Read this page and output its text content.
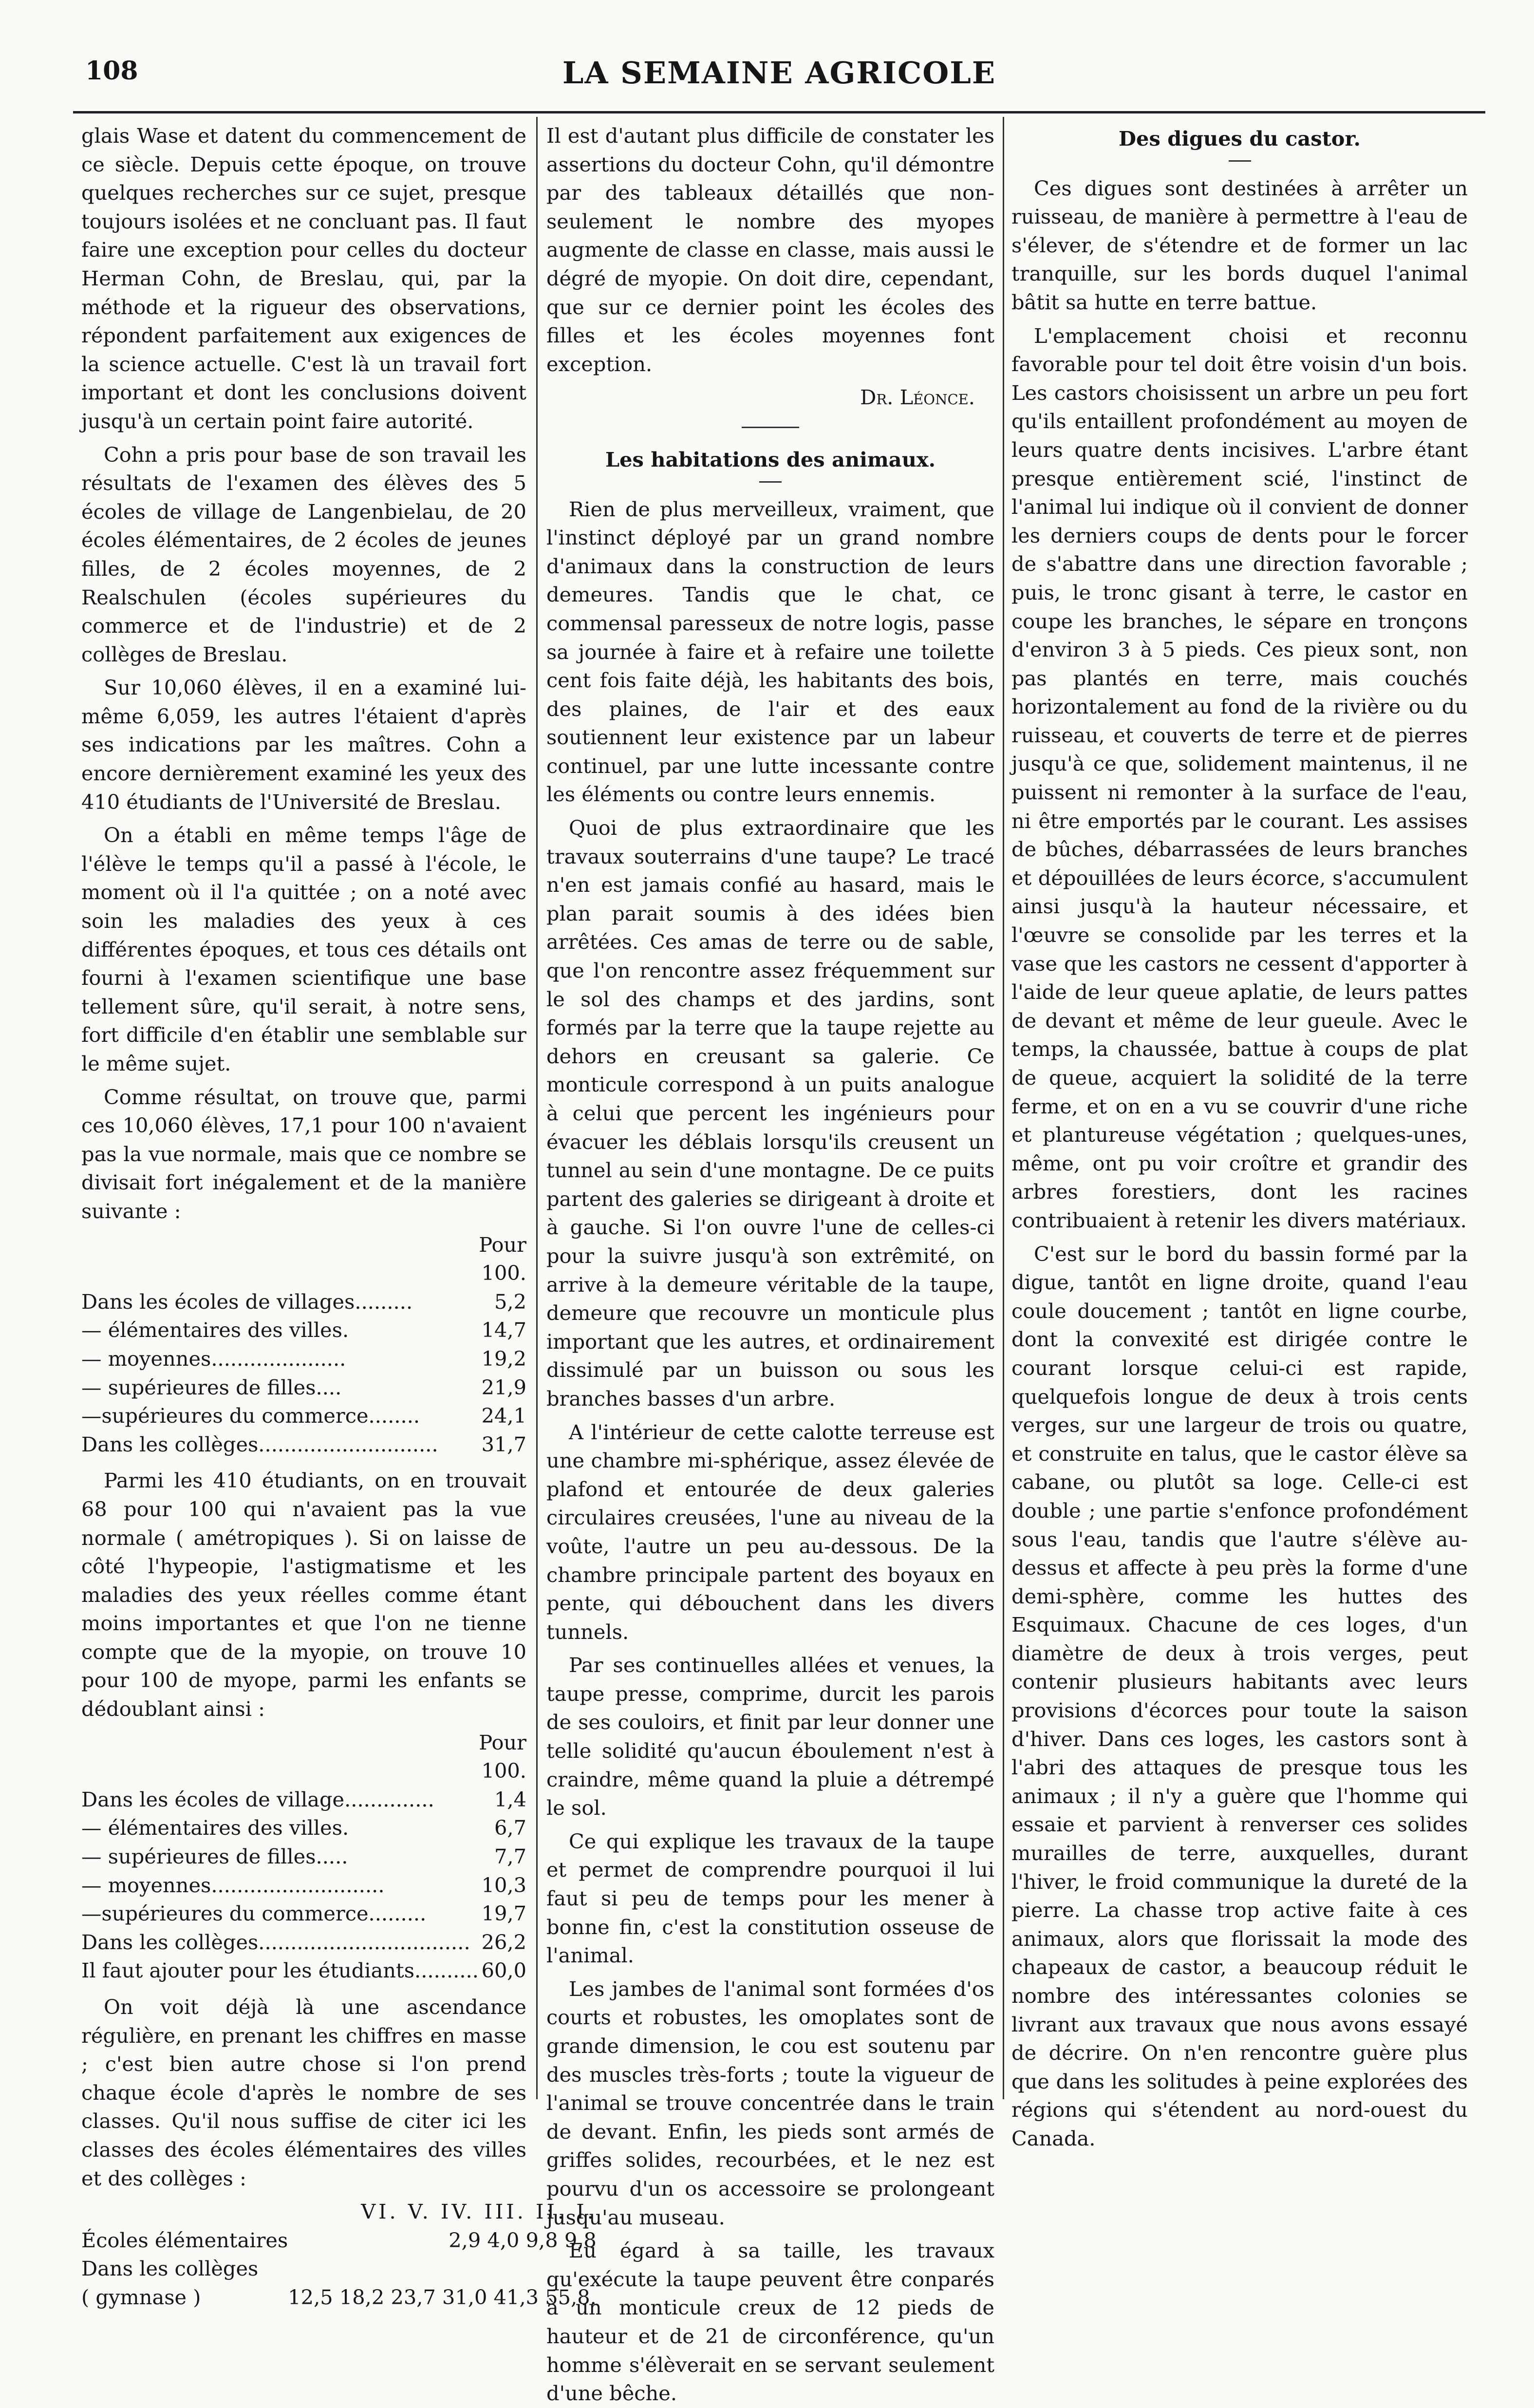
108	LA SEMAINE AGRICOLE

glais Wase et datent du commencement de ce siècle. Depuis cette époque, on trouve quelques recherches sur ce sujet, presque toujours isolées et ne concluant pas. Il faut faire une exception pour celles du docteur Herman Cohn, de Breslau, qui, par la méthode et la rigueur des observations, répondent parfaitement aux exigences de la science actuelle. C'est là un travail fort important et dont les conclusions doivent jusqu'à un certain point faire autorité.

Cohn a pris pour base de son travail les résultats de l'examen des élèves des 5 écoles de village de Langenbielau, de 20 écoles élémentaires, de 2 écoles de jeunes filles, de 2 écoles moyennes, de 2 Realschulen (écoles supérieures du commerce et de l'industrie) et de 2 collèges de Breslau.

Sur 10,060 élèves, il en a examiné lui-même 6,059, les autres l'étaient d'après ses indications par les maîtres. Cohn a encore dernièrement examiné les yeux des 410 étudiants de l'Université de Breslau.

On a établi en même temps l'âge de l'élève le temps qu'il a passé à l'école, le moment où il l'a quittée ; on a noté avec soin les maladies des yeux à ces différentes époques, et tous ces détails ont fourni à l'examen scientifique une base tellement sûre, qu'il serait, à notre sens, fort difficile d'en établir une semblable sur le même sujet.

Comme résultat, on trouve que, parmi ces 10,060 élèves, 17,1 pour 100 n'avaient pas la vue normale, mais que ce nombre se divisait fort inégalement et de la manière suivante :

	Pour 100.
Dans les écoles de villages.........	5,2
— élémentaires des villes.	14,7
— moyennes.....................	19,2
— supérieures de filles....	21,9
—supérieures du commerce........	24,1
Dans les collèges............................	31,7

Parmi les 410 étudiants, on en trouvait 68 pour 100 qui n'avaient pas la vue normale ( amétropiques ). Si on laisse de côté l'hypeopie, l'astigmatisme et les maladies des yeux réelles comme étant moins importantes et que l'on ne tienne compte que de la myopie, on trouve 10 pour 100 de myope, parmi les enfants se dédoublant ainsi :

	Pour 100.
Dans les écoles de village..............	1,4
— élémentaires des villes.	6,7
— supérieures de filles.....	7,7
— moyennes...........................	10,3
—supérieures du commerce.........	19,7
Dans les collèges.................................	26,2
Il faut ajouter pour les étudiants..........	60,0

On voit déjà là une ascendance régulière, en prenant les chiffres en masse ; c'est bien autre chose si l'on prend chaque école d'après le nombre de ses classes. Qu'il nous suffise de citer ici les classes des écoles élémentaires des villes et des collèges :

VI. V. IV. III. II. I.	
Écoles élémentaires	2,9 4,0 9,8 9,8
Dans les collèges	
( gymnase )	12,5 18,2 23,7 31,0 41,3 55,8.

Il est d'autant plus difficile de constater les assertions du docteur Cohn, qu'il démontre par des tableaux détaillés que non-seulement le nombre des myopes augmente de classe en classe, mais aussi le dégré de myopie. On doit dire, cependant, que sur ce dernier point les écoles des filles et les écoles moyennes font exception.

Dr. Léonce.
Les habitations des animaux.

Rien de plus merveilleux, vraiment, que l'instinct déployé par un grand nombre d'animaux dans la construction de leurs demeures. Tandis que le chat, ce commensal paresseux de notre logis, passe sa journée à faire et à refaire une toilette cent fois faite déjà, les habitants des bois, des plaines, de l'air et des eaux soutiennent leur existence par un labeur continuel, par une lutte incessante contre les éléments ou contre leurs ennemis.

Quoi de plus extraordinaire que les travaux souterrains d'une taupe? Le tracé n'en est jamais confié au hasard, mais le plan parait soumis à des idées bien arrêtées. Ces amas de terre ou de sable, que l'on rencontre assez fréquemment sur le sol des champs et des jardins, sont formés par la terre que la taupe rejette au dehors en creusant sa galerie. Ce monticule correspond à un puits analogue à celui que percent les ingénieurs pour évacuer les déblais lorsqu'ils creusent un tunnel au sein d'une montagne. De ce puits partent des galeries se dirigeant à droite et à gauche. Si l'on ouvre l'une de celles-ci pour la suivre jusqu'à son extrêmité, on arrive à la demeure véritable de la taupe, demeure que recouvre un monticule plus important que les autres, et ordinairement dissimulé par un buisson ou sous les branches basses d'un arbre.

A l'intérieur de cette calotte terreuse est une chambre mi-sphérique, assez élevée de plafond et entourée de deux galeries circulaires creusées, l'une au niveau de la voûte, l'autre un peu au-dessous. De la chambre principale partent des boyaux en pente, qui débouchent dans les divers tunnels.

Par ses continuelles allées et venues, la taupe presse, comprime, durcit les parois de ses couloirs, et finit par leur donner une telle solidité qu'aucun éboulement n'est à craindre, même quand la pluie a détrempé le sol.

Ce qui explique les travaux de la taupe et permet de comprendre pourquoi il lui faut si peu de temps pour les mener à bonne fin, c'est la constitution osseuse de l'animal.

Les jambes de l'animal sont formées d'os courts et robustes, les omoplates sont de grande dimension, le cou est soutenu par des muscles très-forts ; toute la vigueur de l'animal se trouve concentrée dans le train de devant. Enfin, les pieds sont armés de griffes solides, recourbées, et le nez est pourvu d'un os accessoire se prolongeant jusqu'au museau.

Eu égard à sa taille, les travaux qu'exécute la taupe peuvent être conparés à un monticule creux de 12 pieds de hauteur et de 21 de circonférence, qu'un homme s'élèverait en se servant seulement d'une bêche.

Des digues du castor.

Ces digues sont destinées à arrêter un ruisseau, de manière à permettre à l'eau de s'élever, de s'étendre et de former un lac tranquille, sur les bords duquel l'animal bâtit sa hutte en terre battue.

L'emplacement choisi et reconnu favorable pour tel doit être voisin d'un bois. Les castors choisissent un arbre un peu fort qu'ils entaillent profondément au moyen de leurs quatre dents incisives. L'arbre étant presque entièrement scié, l'instinct de l'animal lui indique où il convient de donner les derniers coups de dents pour le forcer de s'abattre dans une direction favorable ; puis, le tronc gisant à terre, le castor en coupe les branches, le sépare en tronçons d'environ 3 à 5 pieds. Ces pieux sont, non pas plantés en terre, mais couchés horizontalement au fond de la rivière ou du ruisseau, et couverts de terre et de pierres jusqu'à ce que, solidement maintenus, il ne puissent ni remonter à la surface de l'eau, ni être emportés par le courant. Les assises de bûches, débarrassées de leurs branches et dépouillées de leurs écorce, s'accumulent ainsi jusqu'à la hauteur nécessaire, et l'œuvre se consolide par les terres et la vase que les castors ne cessent d'apporter à l'aide de leur queue aplatie, de leurs pattes de devant et même de leur gueule. Avec le temps, la chaussée, battue à coups de plat de queue, acquiert la solidité de la terre ferme, et on en a vu se couvrir d'une riche et plantureuse végétation ; quelques-unes, même, ont pu voir croître et grandir des arbres forestiers, dont les racines contribuaient à retenir les divers matériaux.

C'est sur le bord du bassin formé par la digue, tantôt en ligne droite, quand l'eau coule doucement ; tantôt en ligne courbe, dont la convexité est dirigée contre le courant lorsque celui-ci est rapide, quelquefois longue de deux à trois cents verges, sur une largeur de trois ou quatre, et construite en talus, que le castor élève sa cabane, ou plutôt sa loge. Celle-ci est double ; une partie s'enfonce profondément sous l'eau, tandis que l'autre s'élève au-dessus et affecte à peu près la forme d'une demi-sphère, comme les huttes des Esquimaux. Chacune de ces loges, d'un diamètre de deux à trois verges, peut contenir plusieurs habitants avec leurs provisions d'écorces pour toute la saison d'hiver. Dans ces loges, les castors sont à l'abri des attaques de presque tous les animaux ; il n'y a guère que l'homme qui essaie et parvient à renverser ces solides murailles de terre, auxquelles, durant l'hiver, le froid communique la dureté de la pierre. La chasse trop active faite à ces animaux, alors que florissait la mode des chapeaux de castor, a beaucoup réduit le nombre des intéressantes colonies se livrant aux travaux que nous avons essayé de décrire. On n'en rencontre guère plus que dans les solitudes à peine explorées des régions qui s'étendent au nord-ouest du Canada.
